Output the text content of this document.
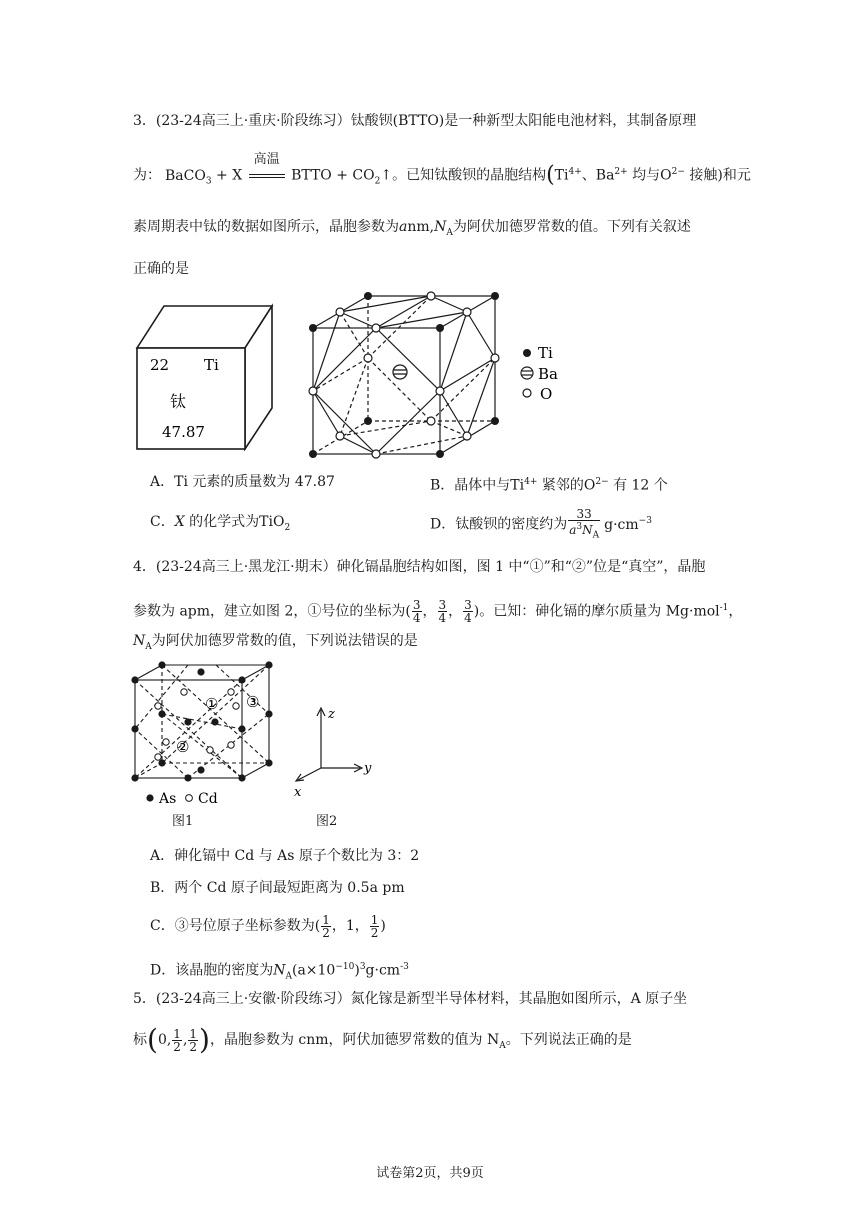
3．(23-24高三上·重庆·阶段练习）钛酸钡(BTTO)是一种新型太阳能电池材料，其制备原理
为： BaCO$_3$ + X
高温
BTTO + $CO_2↑$。已知钛酸钡的晶胞结构($Ti^{4+}$、$Ba^{2+}$ 均与$O^{2-}$ 接触)和元
素周期表中钛的数据如图所示，晶胞参数为$anm,N_A$为阿伏加德罗常数的值。下列有关叙述
正确的是
22 Ti
钛
47.87
Ti
Ba
O
A．Ti 元素的质量数为 47.87	B．晶体中与$Ti^{4+}$ 紧邻的$O^{2-}$ 有 12 个
C．X 的化学式为TiO$_2$	D．钛酸钡的密度约为 $\frac{33}{a^3N_A} g\cdot cm^{-3}$
4．(23-24高三上·黑龙江·期末）砷化镉晶胞结构如图，图 1 中“①”和“②”位是“真空”，晶胞
参数为 apm，建立如图 2，①号位的坐标为( $\frac{3}{4}$ ， $\frac{3}{4}$ ， $\frac{3}{4}$ )。已知：砷化镉的摩尔质量为 Mg·mol$^{-1}$，
$N_A$为阿伏加德罗常数的值，下列说法错误的是
①
②
③
As Cd
图1
z
y
x
图2
A．砷化镉中 Cd 与 As 原子个数比为 3：2
B．两个 Cd 原子间最短距离为 0.5a pm
C．③号位原子坐标参数为( $\frac{1}{2}$ ，1， $\frac{1}{2}$ )
D．该晶胞的密度为$N_A(a\times 10^{-10})^3g\cdot cm^{-3}$
5．(23-24高三上·安徽·阶段练习）氮化镓是新型半导体材料，其晶胞如图所示，A 原子坐
标(0, $\frac{1}{2}$ , $\frac{1}{2}$ )，晶胞参数为 cnm，阿伏加德罗常数的值为 $N_A$。下列说法正确的是
试卷第2页，共9页
